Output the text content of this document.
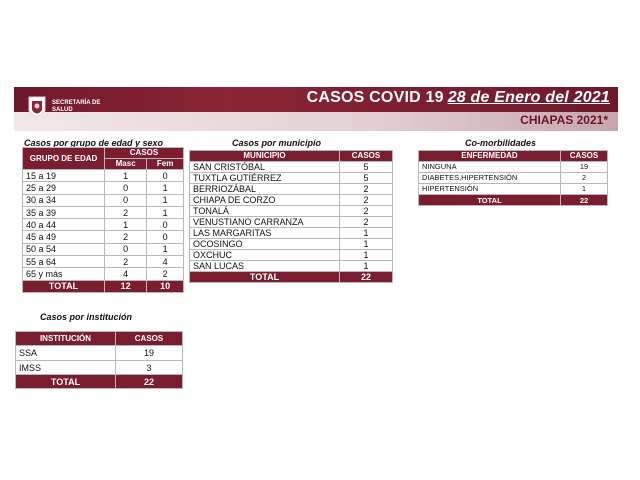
SECRETARÍA DE SALUD
GOBIERNO DE CHIAPAS
CASOS COVID 19 28 de Enero del 2021
CHIAPAS 2021*
Casos por grupo de edad y sexo
GRUPO DE EDAD	CASOS	
	Masc	Fem
15 a 19	1	0
25 a 29	0	1
30 a 34	0	1
35 a 39	2	1
40 a 44	1	0
45 a 49	2	0
50 a 54	0	1
55 a 64	2	4
65 y más	4	2
TOTAL	12	10
Casos por institución
INSTITUCIÓN	CASOS
SSA	19
IMSS	3
TOTAL	22
Casos por municipio
MUNICIPIO	CASOS
SAN CRISTÓBAL	5
TUXTLA GUTIÉRREZ	5
BERRIOZÁBAL	2
CHIAPA DE CORZO	2
TONALÁ	2
VENUSTIANO CARRANZA	2
LAS MARGARITAS	1
OCOSINGO	1
OXCHUC	1
SAN LUCAS	1
TOTAL	22
Co-morbilidades
ENFERMEDAD	CASOS
NINGUNA	19
DIABETES,HIPERTENSIÓN	2
HIPERTENSIÓN	1
TOTAL	22
